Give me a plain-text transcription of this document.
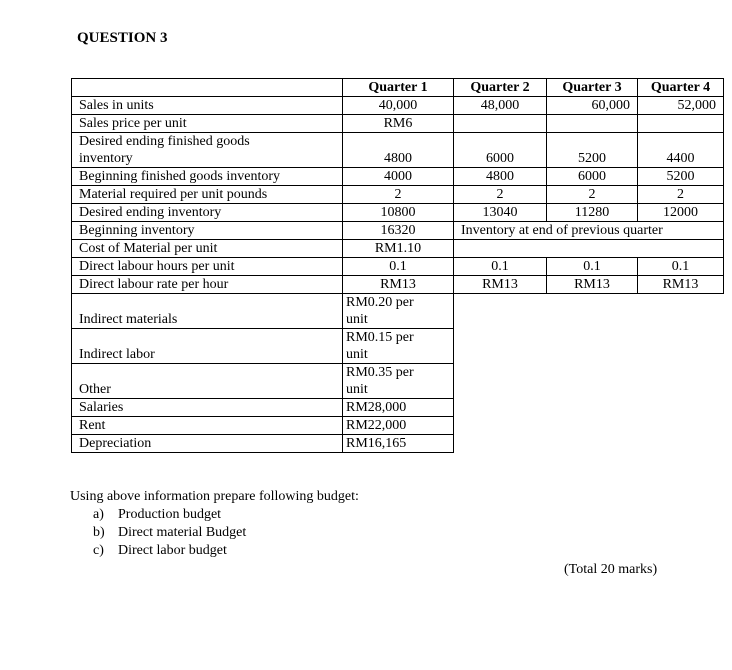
QUESTION 3
	Quarter 1	Quarter 2	Quarter 3	Quarter 4
Sales in units	40,000	48,000	60,000	52,000
Sales price per unit	RM6			

Desired ending finished goods
inventory	4800	6000	5200	4400
Beginning finished goods inventory	4000	4800	6000	5200
Material required per unit pounds	2	2	2	2
Desired ending inventory	10800	13040	11280	12000
Beginning inventory	16320	Inventory at end of previous quarter		
Cost of Material per unit	RM1.10			
Direct labour hours per unit	0.1	0.1	0.1	0.1
Direct labour rate per hour	RM13	RM13	RM13	RM13
Indirect materials	RM0.20 per
unit			

Indirect labor	RM0.15 per
unit			

Other	RM0.35 per
unit			

Salaries	RM28,000			
Rent	RM22,000			
Depreciation	RM16,165			
Using above information prepare following budget:
a) Production budget
b) Direct material Budget
c) Direct labor budget
(Total 20 marks)
